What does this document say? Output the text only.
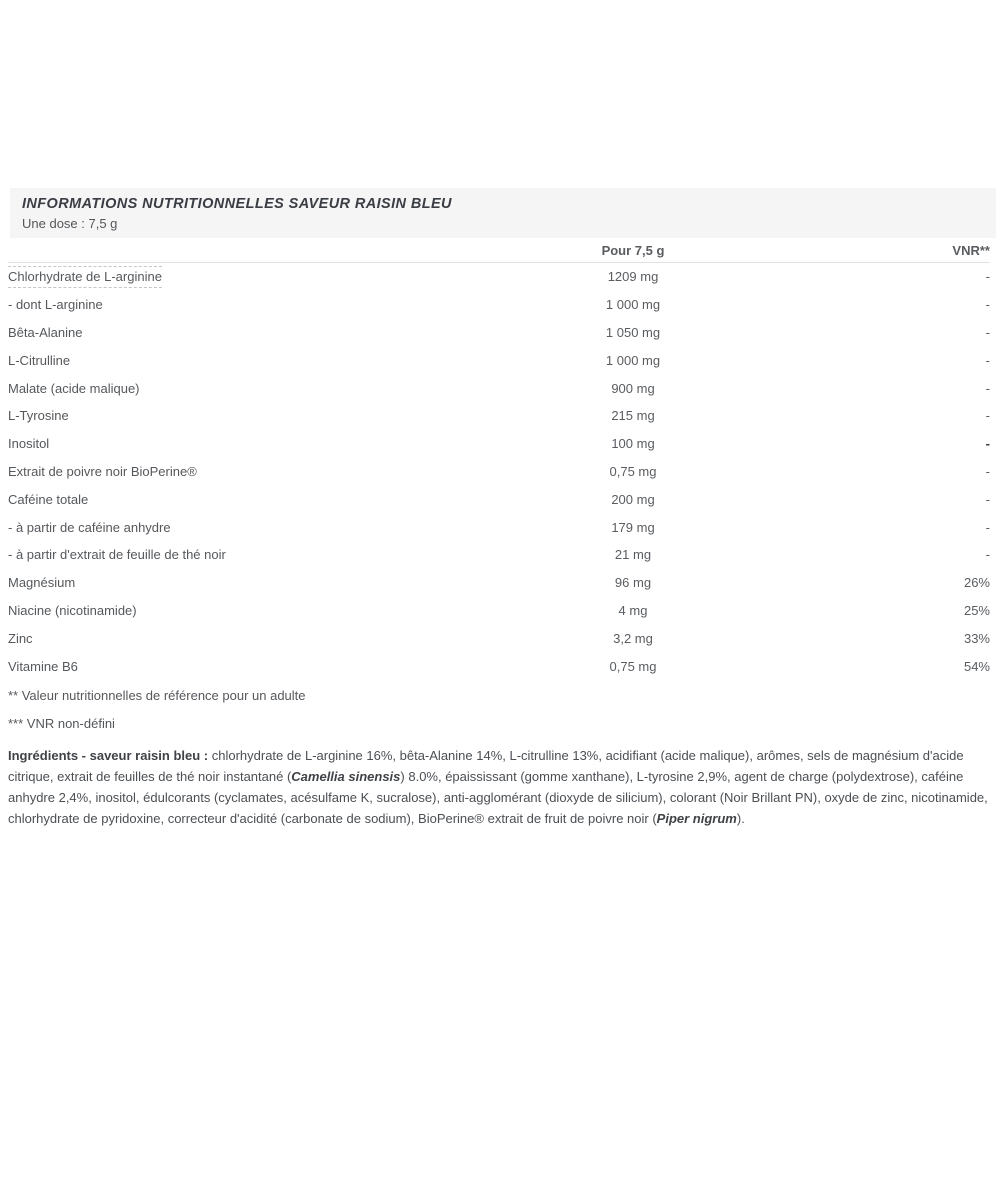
INFORMATIONS NUTRITIONNELLES SAVEUR RAISIN BLEU
Une dose : 7,5 g
Pour 7,5 g	VNR**
Chlorhydrate de L-arginine	1209 mg	-
- dont L-arginine	1 000 mg	-
Bêta-Alanine	1 050 mg	-
L-Citrulline	1 000 mg	-
Malate (acide malique)	900 mg	-
L-Tyrosine	215 mg	-
Inositol	100 mg	-
Extrait de poivre noir BioPerine®	0,75 mg	-
Caféine totale	200 mg	-
- à partir de caféine anhydre	179 mg	-
- à partir d'extrait de feuille de thé noir	21 mg	-
Magnésium	96 mg	26%
Niacine (nicotinamide)	4 mg	25%
Zinc	3,2 mg	33%
Vitamine B6	0,75 mg	54%
** Valeur nutritionnelles de référence pour un adulte
*** VNR non-défini

Ingrédients - saveur raisin bleu : chlorhydrate de L-arginine 16%, bêta-Alanine 14%, L-citrulline 13%, acidifiant (acide malique), arômes, sels de magnésium d'acide citrique, extrait de feuilles de thé noir instantané (Camellia sinensis) 8.0%, épaississant (gomme xanthane), L-tyrosine 2,9%, agent de charge (polydextrose), caféine anhydre 2,4%, inositol, édulcorants (cyclamates, acésulfame K, sucralose), anti-agglomérant (dioxyde de silicium), colorant (Noir Brillant PN), oxyde de zinc, nicotinamide, chlorhydrate de pyridoxine, correcteur d'acidité (carbonate de sodium), BioPerine® extrait de fruit de poivre noir (Piper nigrum).
